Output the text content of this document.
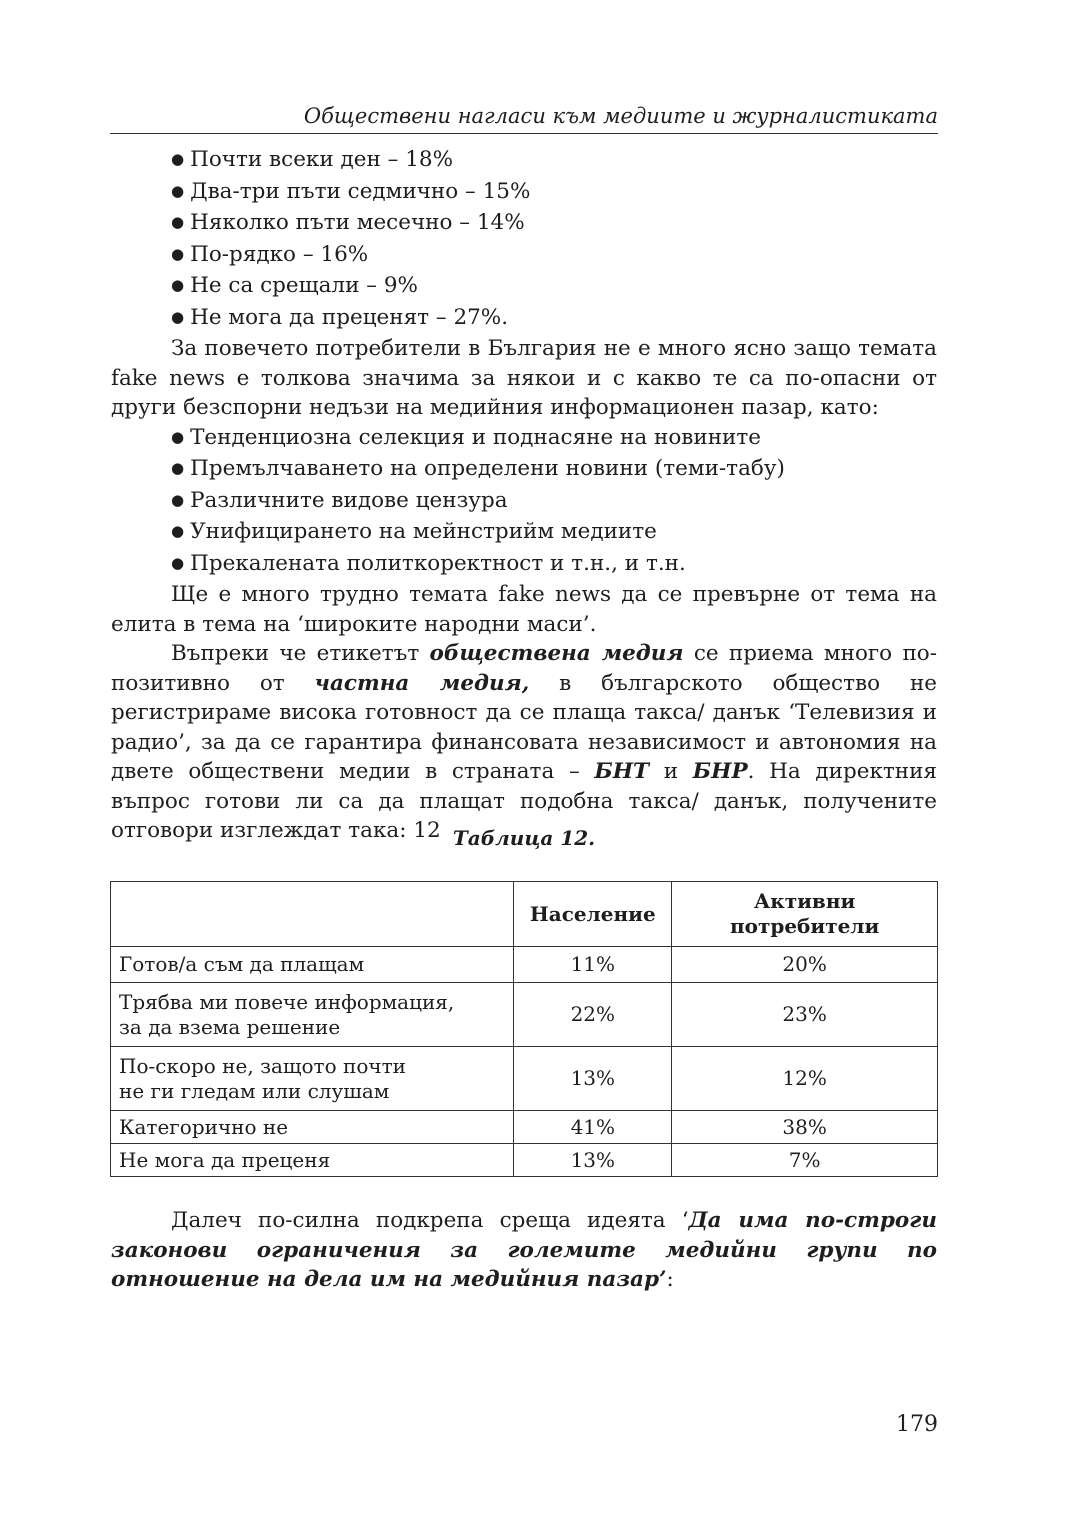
Обществени нагласи към медиите и журналистиката
● Почти всеки ден – 18%
● Два-три пъти седмично – 15%
● Няколко пъти месечно – 14%
● По-рядко – 16%
● Не са срещали – 9%
● Не мога да преценят – 27%.

За повечето потребители в България не е много ясно защо темата fake news е толкова значима за някои и с какво те са по-опасни от други безспорни недъзи на медийния информационен пазар, като:

● Тенденциозна селекция и поднасяне на новините
● Премълчаването на определени новини (теми-табу)
● Различните видове цензура
● Унифицирането на мейнстрийм медиите
● Прекалената политкоректност и т.н., и т.н.

Ще е много трудно темата fake news да се превърне от тема на елита в тема на ‘широките народни маси’.

Въпреки че етикетът обществена медия се приема много по-позитивно от частна медия, в българското общество не регистрираме висока готовност да се плаща такса/ данък ‘Телевизия и радио’, за да се гарантира финансовата независимост и автономия на двете обществени медии в страната – БНТ и БНР. На директния въпрос готови ли са да плащат подобна такса/ данък, получените отговори изглеждат така: 12 Таблица 12.
	Население	Активни
потребители
Готов/а съм да плащам	11%	20%
Трябва ми повече информация,
за да взема решение	22%	23%
По-скоро не, защото почти
не ги гледам или слушам	13%	12%
Категорично не	41%	38%
Не мога да преценя	13%	7%

Далеч по-силна подкрепа среща идеята ‘Да има по-строги законови ограничения за големите медийни групи по отношение на дела им на медийния пазар’:

179
